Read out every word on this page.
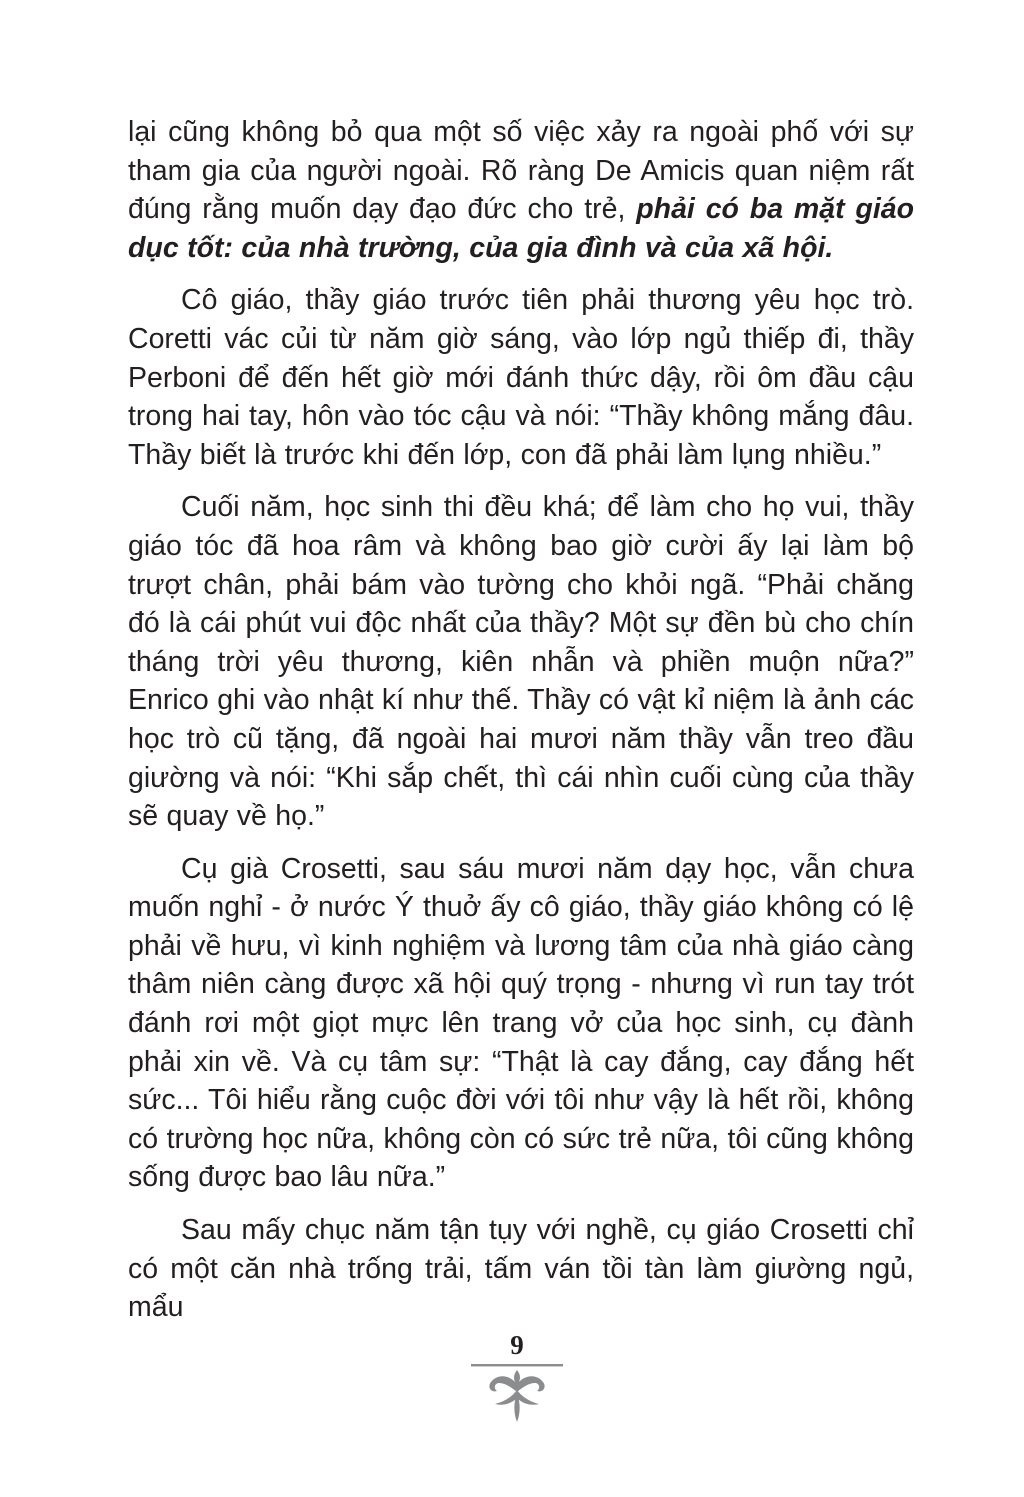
lại cũng không bỏ qua một số việc xảy ra ngoài phố với sự tham gia của người ngoài. Rõ ràng De Amicis quan niệm rất đúng rằng muốn dạy đạo đức cho trẻ, phải có ba mặt giáo dục tốt: của nhà trường, của gia đình và của xã hội.

Cô giáo, thầy giáo trước tiên phải thương yêu học trò. Coretti vác củi từ năm giờ sáng, vào lớp ngủ thiếp đi, thầy Perboni để đến hết giờ mới đánh thức dậy, rồi ôm đầu cậu trong hai tay, hôn vào tóc cậu và nói: “Thầy không mắng đâu. Thầy biết là trước khi đến lớp, con đã phải làm lụng nhiều.”

Cuối năm, học sinh thi đều khá; để làm cho họ vui, thầy giáo tóc đã hoa râm và không bao giờ cười ấy lại làm bộ trượt chân, phải bám vào tường cho khỏi ngã. “Phải chăng đó là cái phút vui độc nhất của thầy? Một sự đền bù cho chín tháng trời yêu thương, kiên nhẫn và phiền muộn nữa?” Enrico ghi vào nhật kí như thế. Thầy có vật kỉ niệm là ảnh các học trò cũ tặng, đã ngoài hai mươi năm thầy vẫn treo đầu giường và nói: “Khi sắp chết, thì cái nhìn cuối cùng của thầy sẽ quay về họ.”

Cụ già Crosetti, sau sáu mươi năm dạy học, vẫn chưa muốn nghỉ - ở nước Ý thuở ấy cô giáo, thầy giáo không có lệ phải về hưu, vì kinh nghiệm và lương tâm của nhà giáo càng thâm niên càng được xã hội quý trọng - nhưng vì run tay trót đánh rơi một giọt mực lên trang vở của học sinh, cụ đành phải xin về. Và cụ tâm sự: “Thật là cay đắng, cay đắng hết sức... Tôi hiểu rằng cuộc đời với tôi như vậy là hết rồi, không có trường học nữa, không còn có sức trẻ nữa, tôi cũng không sống được bao lâu nữa.”

Sau mấy chục năm tận tụy với nghề, cụ giáo Crosetti chỉ có một căn nhà trống trải, tấm ván tồi tàn làm giường ngủ, mẩu

9
